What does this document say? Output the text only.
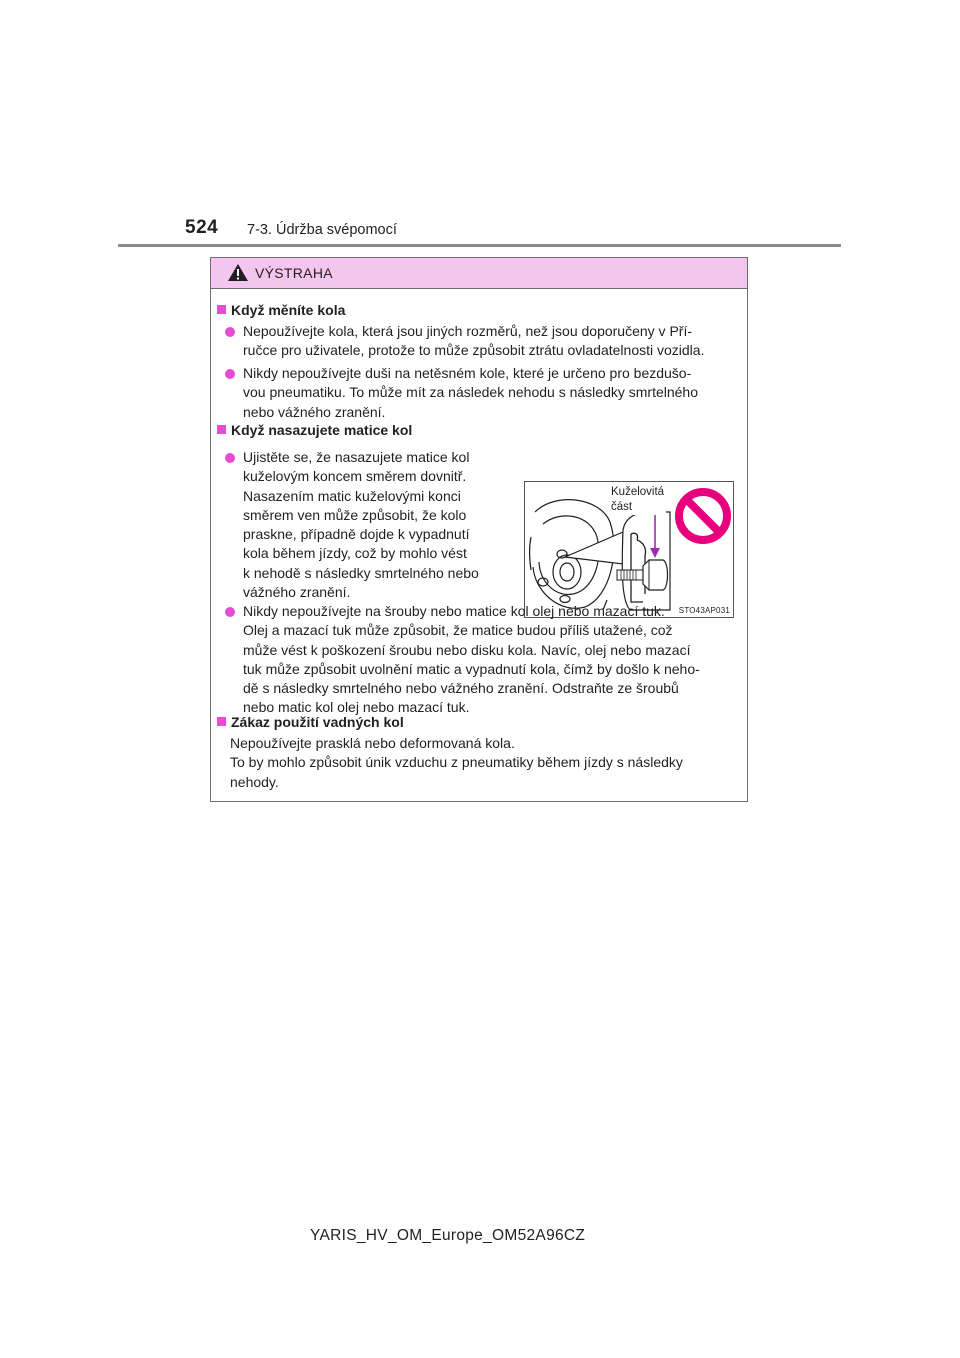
524 7-3. Údržba svépomocí
VÝSTRAHA
Když měníte kola
Nepoužívejte kola, která jsou jiných rozměrů, než jsou doporučeny v Pří-
ručce pro uživatele, protože to může způsobit ztrátu ovladatelnosti vozidla.
Nikdy nepoužívejte duši na netěsném kole, které je určeno pro bezdušo-
vou pneumatiku. To může mít za následek nehodu s následky smrtelného
nebo vážného zranění.
Když nasazujete matice kol
Ujistěte se, že nasazujete matice kol
kuželovým koncem směrem dovnitř.
Nasazením matic kuželovými konci
směrem ven může způsobit, že kolo
praskne, případně dojde k vypadnutí
kola během jízdy, což by mohlo vést
k nehodě s následky smrtelného nebo
vážného zranění.
Kuželovitá
část
STO43AP031
Nikdy nepoužívejte na šrouby nebo matice kol olej nebo mazací tuk.
Olej a mazací tuk může způsobit, že matice budou příliš utažené, což
může vést k poškození šroubu nebo disku kola. Navíc, olej nebo mazací
tuk může způsobit uvolnění matic a vypadnutí kola, čímž by došlo k neho-
dě s následky smrtelného nebo vážného zranění. Odstraňte ze šroubů
nebo matic kol olej nebo mazací tuk.
Zákaz použití vadných kol
Nepoužívejte prasklá nebo deformovaná kola.
To by mohlo způsobit únik vzduchu z pneumatiky během jízdy s následky
nehody.
YARIS_HV_OM_Europe_OM52A96CZ
